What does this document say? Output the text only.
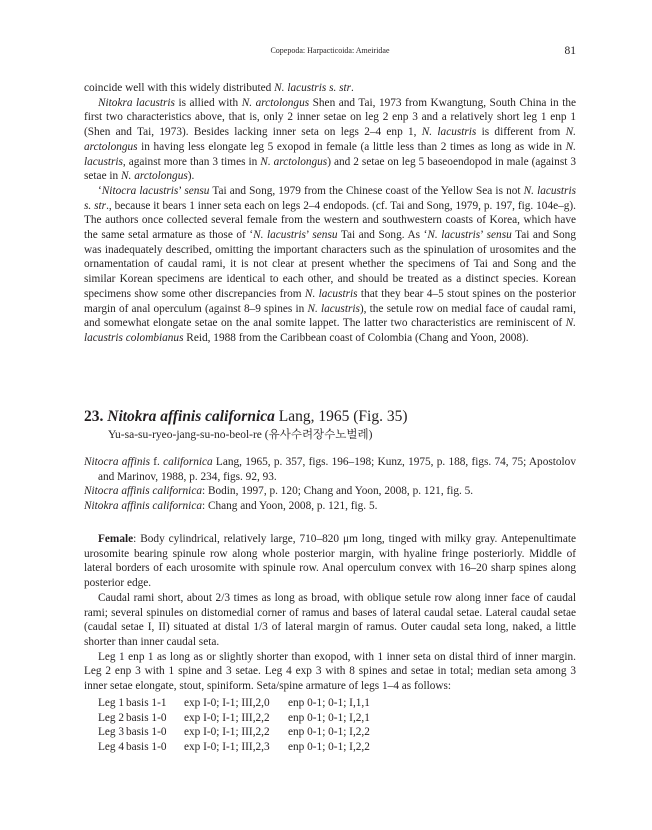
Copepoda: Harpacticoida: Ameiridae	81

coincide well with this widely distributed N. lacustris s. str.

Nitokra lacustris is allied with N. arctolongus Shen and Tai, 1973 from Kwangtung, South China in the first two characteristics above, that is, only 2 inner setae on leg 2 enp 3 and a relatively short leg 1 enp 1 (Shen and Tai, 1973). Besides lacking inner seta on legs 2–4 enp 1, N. lacustris is different from N. arctolongus in having less elongate leg 5 exopod in female (a little less than 2 times as long as wide in N. lacustris, against more than 3 times in N. arctolongus) and 2 setae on leg 5 baseoendopod in male (against 3 setae in N. arctolongus).

‘Nitocra lacustris’ sensu Tai and Song, 1979 from the Chinese coast of the Yellow Sea is not N. lacustris s. str., because it bears 1 inner seta each on legs 2–4 endopods. (cf. Tai and Song, 1979, p. 197, fig. 104e–g). The authors once collected several female from the western and southwestern coasts of Korea, which have the same setal armature as those of ‘N. lacustris’ sensu Tai and Song. As ‘N. lacustris’ sensu Tai and Song was inadequately described, omitting the important characters such as the spinulation of urosomites and the ornamentation of caudal rami, it is not clear at present whether the specimens of Tai and Song and the similar Korean specimens are identical to each other, and should be treated as a distinct species. Korean specimens show some other discrepancies from N. lacustris that they bear 4–5 stout spines on the posterior margin of anal operculum (against 8–9 spines in N. lacustris), the setule row on medial face of caudal rami, and somewhat elongate setae on the anal somite lappet. The latter two characteristics are reminiscent of N. lacustris colombianus Reid, 1988 from the Caribbean coast of Colombia (Chang and Yoon, 2008).

23. Nitokra affinis californica Lang, 1965 (Fig. 35)
Yu-sa-su-ryeo-jang-su-no-beol-re (유사수려장수노벌레)

Nitocra affinis f. californica Lang, 1965, p. 357, figs. 196–198; Kunz, 1975, p. 188, figs. 74, 75; Apostolov and Marinov, 1988, p. 234, figs. 92, 93.

Nitocra affinis californica: Bodin, 1997, p. 120; Chang and Yoon, 2008, p. 121, fig. 5.

Nitokra affinis californica: Chang and Yoon, 2008, p. 121, fig. 5.

Female: Body cylindrical, relatively large, 710–820 μm long, tinged with milky gray. Antepenultimate urosomite bearing spinule row along whole posterior margin, with hyaline fringe posteriorly. Middle of lateral borders of each urosomite with spinule row. Anal operculum convex with 16–20 sharp spines along posterior edge.

Caudal rami short, about 2/3 times as long as broad, with oblique setule row along inner face of caudal rami; several spinules on distomedial corner of ramus and bases of lateral caudal setae. Lateral caudal setae (caudal setae I, II) situated at distal 1/3 of lateral margin of ramus. Outer caudal seta long, naked, a little shorter than inner caudal seta.

Leg 1 enp 1 as long as or slightly shorter than exopod, with 1 inner seta on distal third of inner margin. Leg 2 enp 3 with 1 spine and 3 setae. Leg 4 exp 3 with 8 spines and setae in total; median seta among 3 inner setae elongate, stout, spiniform. Seta/spine armature of legs 1–4 as follows:

Leg 1	basis 1-1	exp I-0; I-1; III,2,0	enp 0-1; 0-1; I,1,1
Leg 2	basis 1-0	exp I-0; I-1; III,2,2	enp 0-1; 0-1; I,2,1
Leg 3	basis 1-0	exp I-0; I-1; III,2,2	enp 0-1; 0-1; I,2,2
Leg 4	basis 1-0	exp I-0; I-1; III,2,3	enp 0-1; 0-1; I,2,2
